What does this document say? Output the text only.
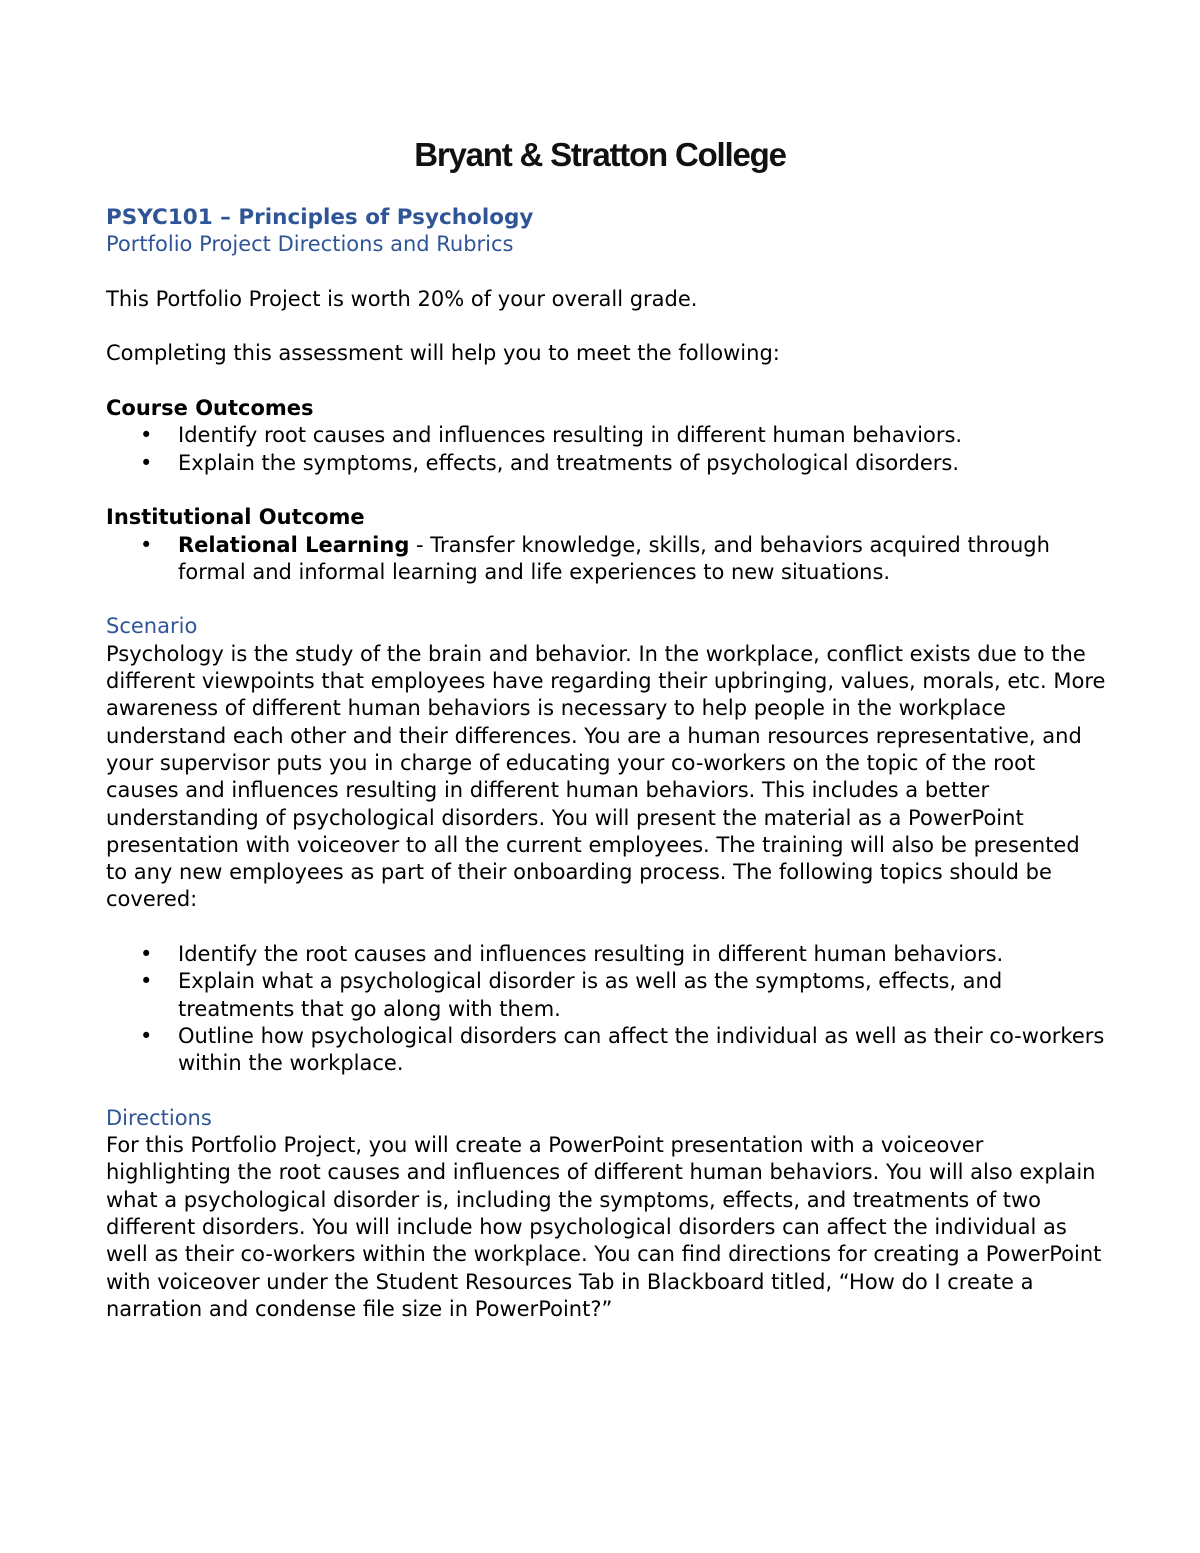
Bryant & Stratton College

PSYC101 – Principles of Psychology

Portfolio Project Directions and Rubrics

This Portfolio Project is worth 20% of your overall grade.

Completing this assessment will help you to meet the following:

Course Outcomes

• Identify root causes and influences resulting in different human behaviors.
• Explain the symptoms, effects, and treatments of psychological disorders.

Institutional Outcome

• Relational Learning - Transfer knowledge, skills, and behaviors acquired through formal and informal learning and life experiences to new situations.

Scenario

Psychology is the study of the brain and behavior. In the workplace, conflict exists due to the different viewpoints that employees have regarding their upbringing, values, morals, etc. More awareness of different human behaviors is necessary to help people in the workplace understand each other and their differences. You are a human resources representative, and your supervisor puts you in charge of educating your co-workers on the topic of the root causes and influences resulting in different human behaviors. This includes a better understanding of psychological disorders. You will present the material as a PowerPoint presentation with voiceover to all the current employees. The training will also be presented to any new employees as part of their onboarding process. The following topics should be covered:

• Identify the root causes and influences resulting in different human behaviors.
• Explain what a psychological disorder is as well as the symptoms, effects, and treatments that go along with them.
• Outline how psychological disorders can affect the individual as well as their co-workers within the workplace.

Directions

For this Portfolio Project, you will create a PowerPoint presentation with a voiceover highlighting the root causes and influences of different human behaviors. You will also explain what a psychological disorder is, including the symptoms, effects, and treatments of two different disorders. You will include how psychological disorders can affect the individual as well as their co-workers within the workplace. You can find directions for creating a PowerPoint with voiceover under the Student Resources Tab in Blackboard titled, “How do I create a narration and condense file size in PowerPoint?”
